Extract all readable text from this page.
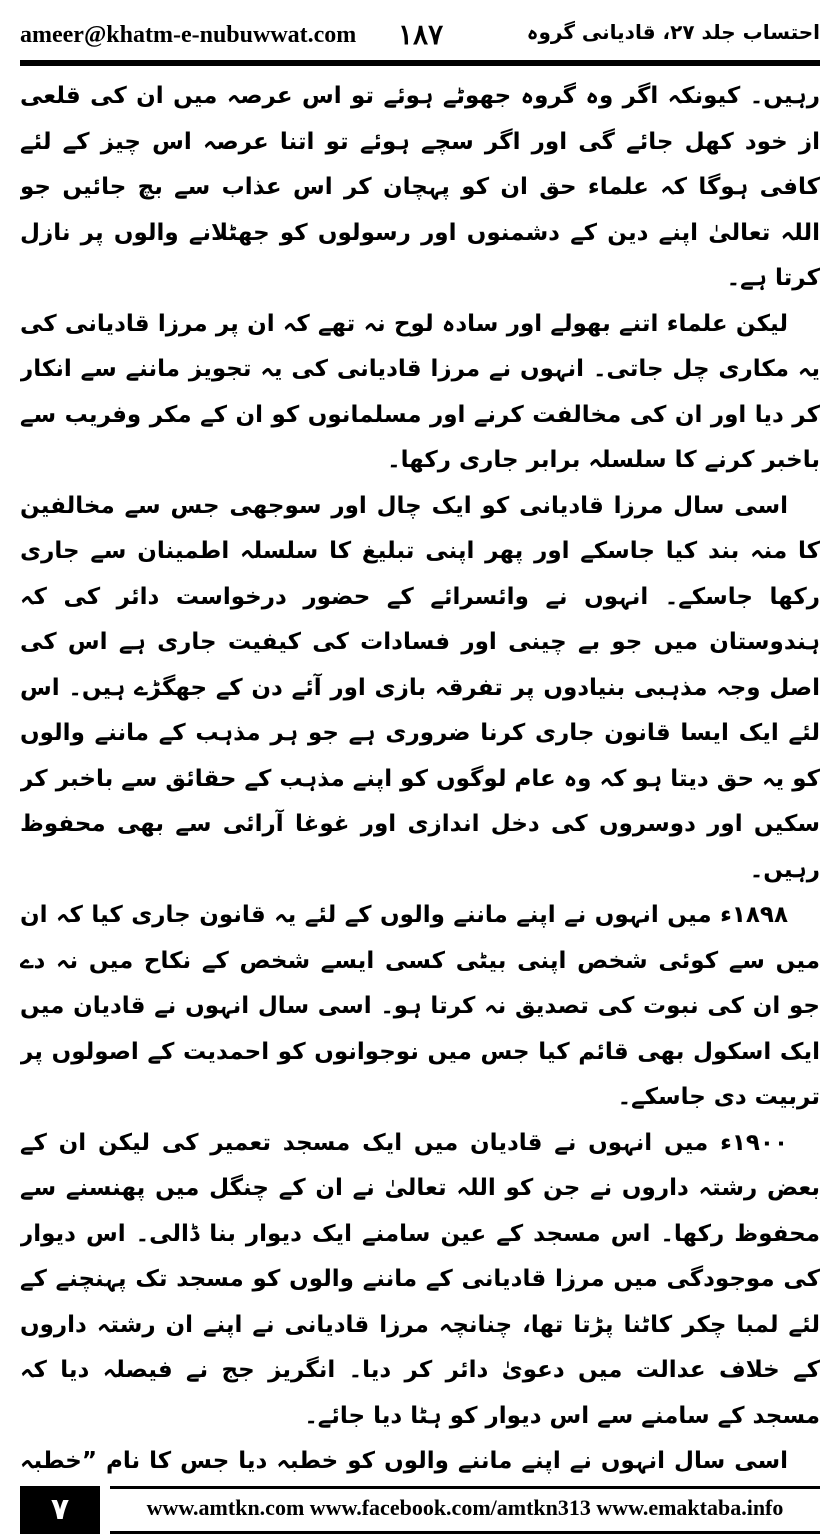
ameer@khatm-e-nubuwwat.com ۱۸۷	احتساب جلد ۲۷، قادیانی گروہ

رہیں۔ کیونکہ اگر وہ گروہ جھوٹے ہوئے تو اس عرصہ میں ان کی قلعی از خود کھل جائے گی اور اگر سچے ہوئے تو اتنا عرصہ اس چیز کے لئے کافی ہوگا کہ علماء حق ان کو پہچان کر اس عذاب سے بچ جائیں جو اللہ تعالیٰ اپنے دین کے دشمنوں اور رسولوں کو جھٹلانے والوں پر نازل کرتا ہے۔

لیکن علماء اتنے بھولے اور سادہ لوح نہ تھے کہ ان پر مرزا قادیانی کی یہ مکاری چل جاتی۔ انہوں نے مرزا قادیانی کی یہ تجویز ماننے سے انکار کر دیا اور ان کی مخالفت کرنے اور مسلمانوں کو ان کے مکر وفریب سے باخبر کرنے کا سلسلہ برابر جاری رکھا۔

اسی سال مرزا قادیانی کو ایک چال اور سوجھی جس سے مخالفین کا منہ بند کیا جاسکے اور پھر اپنی تبلیغ کا سلسلہ اطمینان سے جاری رکھا جاسکے۔ انہوں نے وائسرائے کے حضور درخواست دائر کی کہ ہندوستان میں جو بے چینی اور فسادات کی کیفیت جاری ہے اس کی اصل وجہ مذہبی بنیادوں پر تفرقہ بازی اور آئے دن کے جھگڑے ہیں۔ اس لئے ایک ایسا قانون جاری کرنا ضروری ہے جو ہر مذہب کے ماننے والوں کو یہ حق دیتا ہو کہ وہ عام لوگوں کو اپنے مذہب کے حقائق سے باخبر کر سکیں اور دوسروں کی دخل اندازی اور غوغا آرائی سے بھی محفوظ رہیں۔

۱۸۹۸ء میں انہوں نے اپنے ماننے والوں کے لئے یہ قانون جاری کیا کہ ان میں سے کوئی شخص اپنی بیٹی کسی ایسے شخص کے نکاح میں نہ دے جو ان کی نبوت کی تصدیق نہ کرتا ہو۔ اسی سال انہوں نے قادیان میں ایک اسکول بھی قائم کیا جس میں نوجوانوں کو احمدیت کے اصولوں پر تربیت دی جاسکے۔

۱۹۰۰ء میں انہوں نے قادیان میں ایک مسجد تعمیر کی لیکن ان کے بعض رشتہ داروں نے جن کو اللہ تعالیٰ نے ان کے چنگل میں پھنسنے سے محفوظ رکھا۔ اس مسجد کے عین سامنے ایک دیوار بنا ڈالی۔ اس دیوار کی موجودگی میں مرزا قادیانی کے ماننے والوں کو مسجد تک پہنچنے کے لئے لمبا چکر کاٹنا پڑتا تھا، چنانچہ مرزا قادیانی نے اپنے ان رشتہ داروں کے خلاف عدالت میں دعویٰ دائر کر دیا۔ انگریز جج نے فیصلہ دیا کہ مسجد کے سامنے سے اس دیوار کو ہٹا دیا جائے۔

اسی سال انہوں نے اپنے ماننے والوں کو خطبہ دیا جس کا نام ”خطبہ

۷	www.amtkn.com www.facebook.com/amtkn313 www.emaktaba.info
